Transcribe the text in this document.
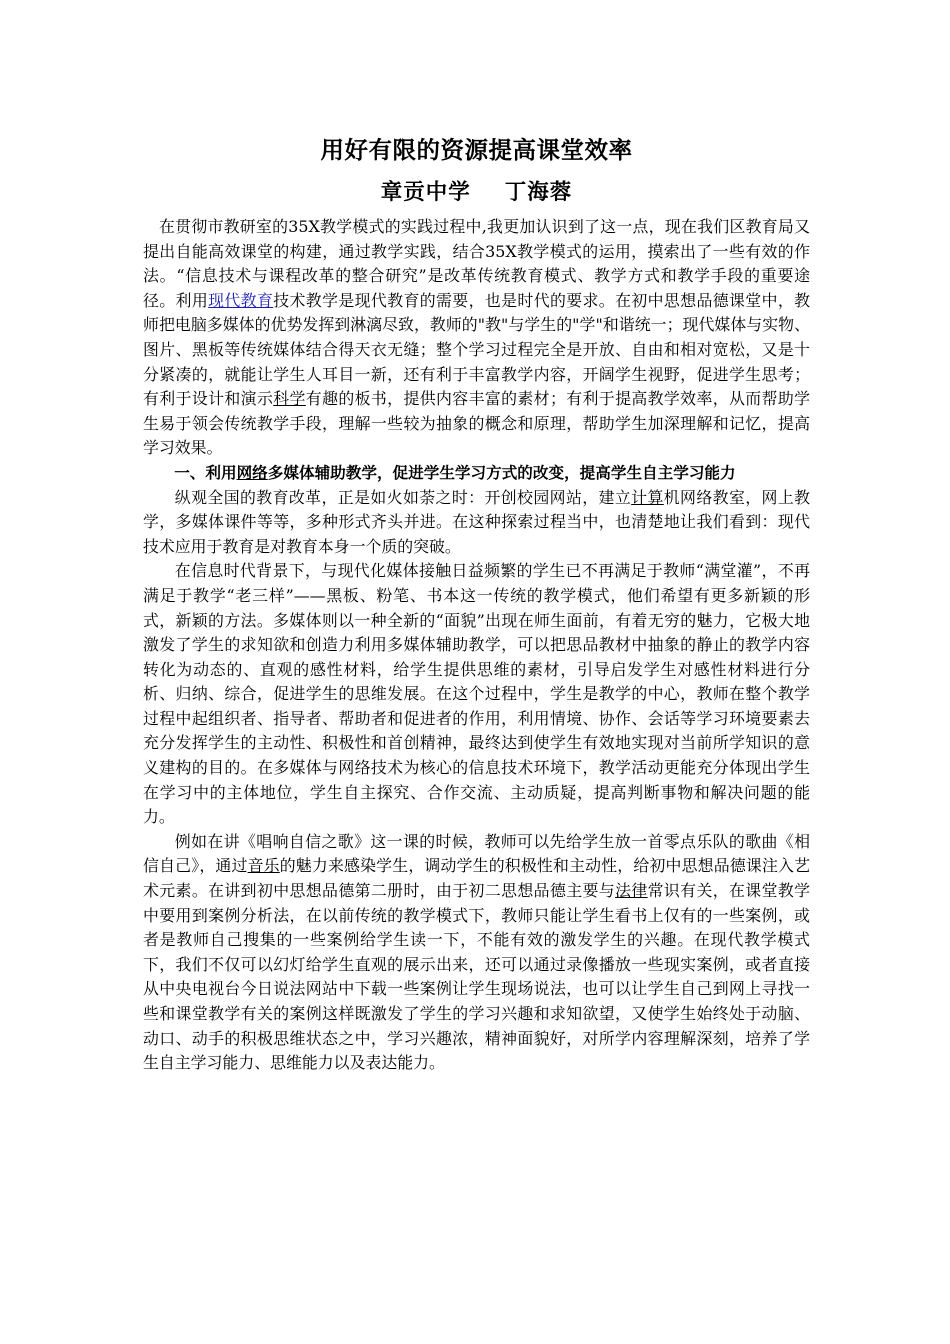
用好有限的资源提高课堂效率
章贡中学 丁海蓉

在贯彻市教研室的35X教学模式的实践过程中,我更加认识到了这一点，现在我们区教育局又提出自能高效课堂的构建，通过教学实践，结合35X教学模式的运用，摸索出了一些有效的作法。“信息技术与课程改革的整合研究”是改革传统教育模式、教学方式和教学手段的重要途径。利用现代教育技术教学是现代教育的需要，也是时代的要求。在初中思想品德课堂中，教师把电脑多媒体的优势发挥到淋漓尽致，教师的"教"与学生的"学"和谐统一；现代媒体与实物、图片、黑板等传统媒体结合得天衣无缝；整个学习过程完全是开放、自由和相对宽松，又是十分紧凑的，就能让学生人耳目一新，还有利于丰富教学内容，开阔学生视野，促进学生思考；有利于设计和演示科学有趣的板书，提供内容丰富的素材；有利于提高教学效率，从而帮助学生易于领会传统教学手段，理解一些较为抽象的概念和原理，帮助学生加深理解和记忆，提高学习效果。

一、利用网络多媒体辅助教学，促进学生学习方式的改变，提高学生自主学习能力

纵观全国的教育改革，正是如火如荼之时：开创校园网站，建立计算机网络教室，网上教学，多媒体课件等等，多种形式齐头并进。在这种探索过程当中，也清楚地让我们看到：现代技术应用于教育是对教育本身一个质的突破。

在信息时代背景下，与现代化媒体接触日益频繁的学生已不再满足于教师“满堂灌”，不再满足于教学“老三样”——黑板、粉笔、书本这一传统的教学模式，他们希望有更多新颖的形式，新颖的方法。多媒体则以一种全新的“面貌”出现在师生面前，有着无穷的魅力，它极大地激发了学生的求知欲和创造力利用多媒体辅助教学，可以把思品教材中抽象的静止的教学内容转化为动态的、直观的感性材料，给学生提供思维的素材，引导启发学生对感性材料进行分析、归纳、综合，促进学生的思维发展。在这个过程中，学生是教学的中心，教师在整个教学过程中起组织者、指导者、帮助者和促进者的作用，利用情境、协作、会话等学习环境要素去充分发挥学生的主动性、积极性和首创精神，最终达到使学生有效地实现对当前所学知识的意义建构的目的。在多媒体与网络技术为核心的信息技术环境下，教学活动更能充分体现出学生在学习中的主体地位，学生自主探究、合作交流、主动质疑，提高判断事物和解决问题的能力。

例如在讲《唱响自信之歌》这一课的时候，教师可以先给学生放一首零点乐队的歌曲《相信自己》，通过音乐的魅力来感染学生，调动学生的积极性和主动性，给初中思想品德课注入艺术元素。在讲到初中思想品德第二册时，由于初二思想品德主要与法律常识有关，在课堂教学中要用到案例分析法，在以前传统的教学模式下，教师只能让学生看书上仅有的一些案例，或者是教师自己搜集的一些案例给学生读一下，不能有效的激发学生的兴趣。在现代教学模式下，我们不仅可以幻灯给学生直观的展示出来，还可以通过录像播放一些现实案例，或者直接从中央电视台今日说法网站中下载一些案例让学生现场说法，也可以让学生自己到网上寻找一些和课堂教学有关的案例这样既激发了学生的学习兴趣和求知欲望，又使学生始终处于动脑、动口、动手的积极思维状态之中，学习兴趣浓，精神面貌好，对所学内容理解深刻，培养了学生自主学习能力、思维能力以及表达能力。
